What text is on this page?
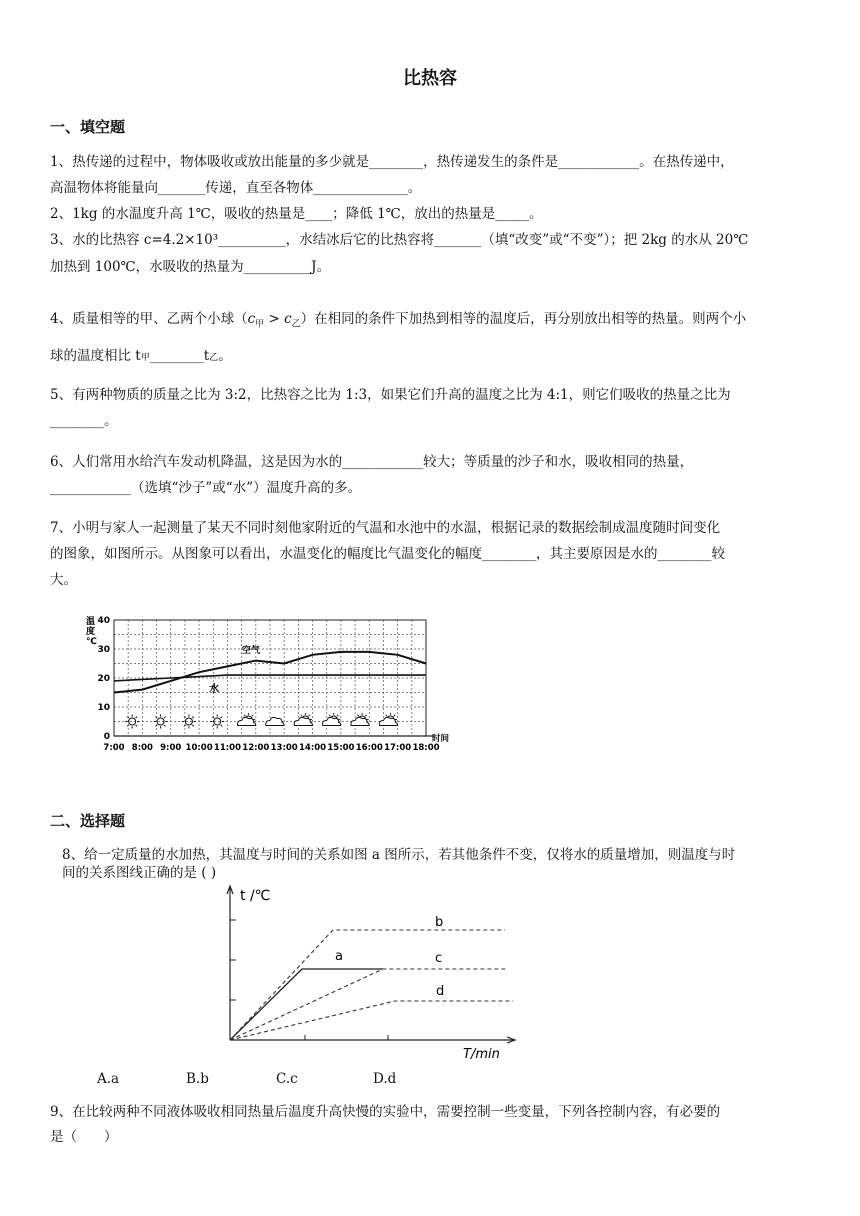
比热容
一、填空题
1、热传递的过程中，物体吸收或放出能量的多少就是________，热传递发生的条件是____________。在热传递中，
高温物体将能量向_______传递，直至各物体______________。
2、1kg 的水温度升高 1℃，吸收的热量是____；降低 1℃，放出的热量是_____。
3、水的比热容 c=4.2×10³__________，水结冰后它的比热容将_______（填“改变”或“不变”）；把 2kg 的水从 20℃
加热到 100℃，水吸收的热量为__________J。
4、质量相等的甲、乙两个小球$(c_甲 > c_乙)$在相同的条件下加热到相等的温度后，再分别放出相等的热量。则两个小
球的温度相比 t甲________t乙。
5、有两种物质的质量之比为 3:2，比热容之比为 1:3，如果它们升高的温度之比为 4:1，则它们吸收的热量之比为
________。
6、人们常用水给汽车发动机降温，这是因为水的____________较大；等质量的沙子和水，吸收相同的热量，
____________（选填“沙子”或“水”）温度升高的多。
7、小明与家人一起测量了某天不同时刻他家附近的气温和水池中的水温，根据记录的数据绘制成温度随时间变化
的图象，如图所示。从图象可以看出，水温变化的幅度比气温变化的幅度________，其主要原因是水的________较
大。
0
10
20
30
40
温
度
℃
7:00 8:00 9:00 10:00 11:00 12:00 13:00 14:00 15:00 16:00 17:00 18:00
时间
空气
水
二、选择题
8、给一定质量的水加热，其温度与时间的关系如图 a 图所示，若其他条件不变，仅将水的质量增加，则温度与时
间的关系图线正确的是 ( )
t /℃
T/min
a
b
c
d
A.a	B.b	C.c	D.d
9、在比较两种不同液体吸收相同热量后温度升高快慢的实验中，需要控制一些变量，下列各控制内容，有必要的
是（　　）
